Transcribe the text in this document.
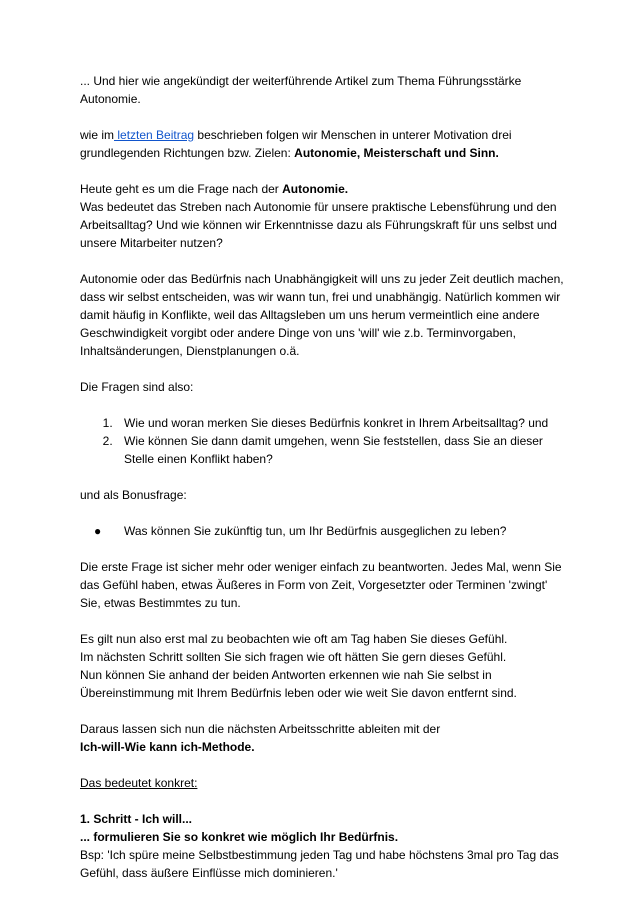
... Und hier wie angekündigt der weiterführende Artikel zum Thema Führungsstärke Autonomie.

wie im letzten Beitrag beschrieben folgen wir Menschen in unterer Motivation drei grundlegenden Richtungen bzw. Zielen: Autonomie, Meisterschaft und Sinn.

Heute geht es um die Frage nach der Autonomie.
Was bedeutet das Streben nach Autonomie für unsere praktische Lebensführung und den Arbeitsalltag? Und wie können wir Erkenntnisse dazu als Führungskraft für uns selbst und unsere Mitarbeiter nutzen?

Autonomie oder das Bedürfnis nach Unabhängigkeit will uns zu jeder Zeit deutlich machen, dass wir selbst entscheiden, was wir wann tun, frei und unabhängig. Natürlich kommen wir damit häufig in Konflikte, weil das Alltagsleben um uns herum vermeintlich eine andere Geschwindigkeit vorgibt oder andere Dinge von uns 'will' wie z.b. Terminvorgaben, Inhaltsänderungen, Dienstplanungen o.ä.

Die Fragen sind also:

1. Wie und woran merken Sie dieses Bedürfnis konkret in Ihrem Arbeitsalltag? und
2. Wie können Sie dann damit umgehen, wenn Sie feststellen, dass Sie an dieser Stelle einen Konflikt haben?

und als Bonusfrage:

● Was können Sie zukünftig tun, um Ihr Bedürfnis ausgeglichen zu leben?

Die erste Frage ist sicher mehr oder weniger einfach zu beantworten. Jedes Mal, wenn Sie das Gefühl haben, etwas Äußeres in Form von Zeit, Vorgesetzter oder Terminen 'zwingt' Sie, etwas Bestimmtes zu tun.

Es gilt nun also erst mal zu beobachten wie oft am Tag haben Sie dieses Gefühl.
Im nächsten Schritt sollten Sie sich fragen wie oft hätten Sie gern dieses Gefühl.
Nun können Sie anhand der beiden Antworten erkennen wie nah Sie selbst in Übereinstimmung mit Ihrem Bedürfnis leben oder wie weit Sie davon entfernt sind.

Daraus lassen sich nun die nächsten Arbeitsschritte ableiten mit der
Ich-will-Wie kann ich-Methode.

Das bedeutet konkret:

1. Schritt - Ich will...
... formulieren Sie so konkret wie möglich Ihr Bedürfnis.
Bsp: 'Ich spüre meine Selbstbestimmung jeden Tag und habe höchstens 3mal pro Tag das Gefühl, dass äußere Einflüsse mich dominieren.'
